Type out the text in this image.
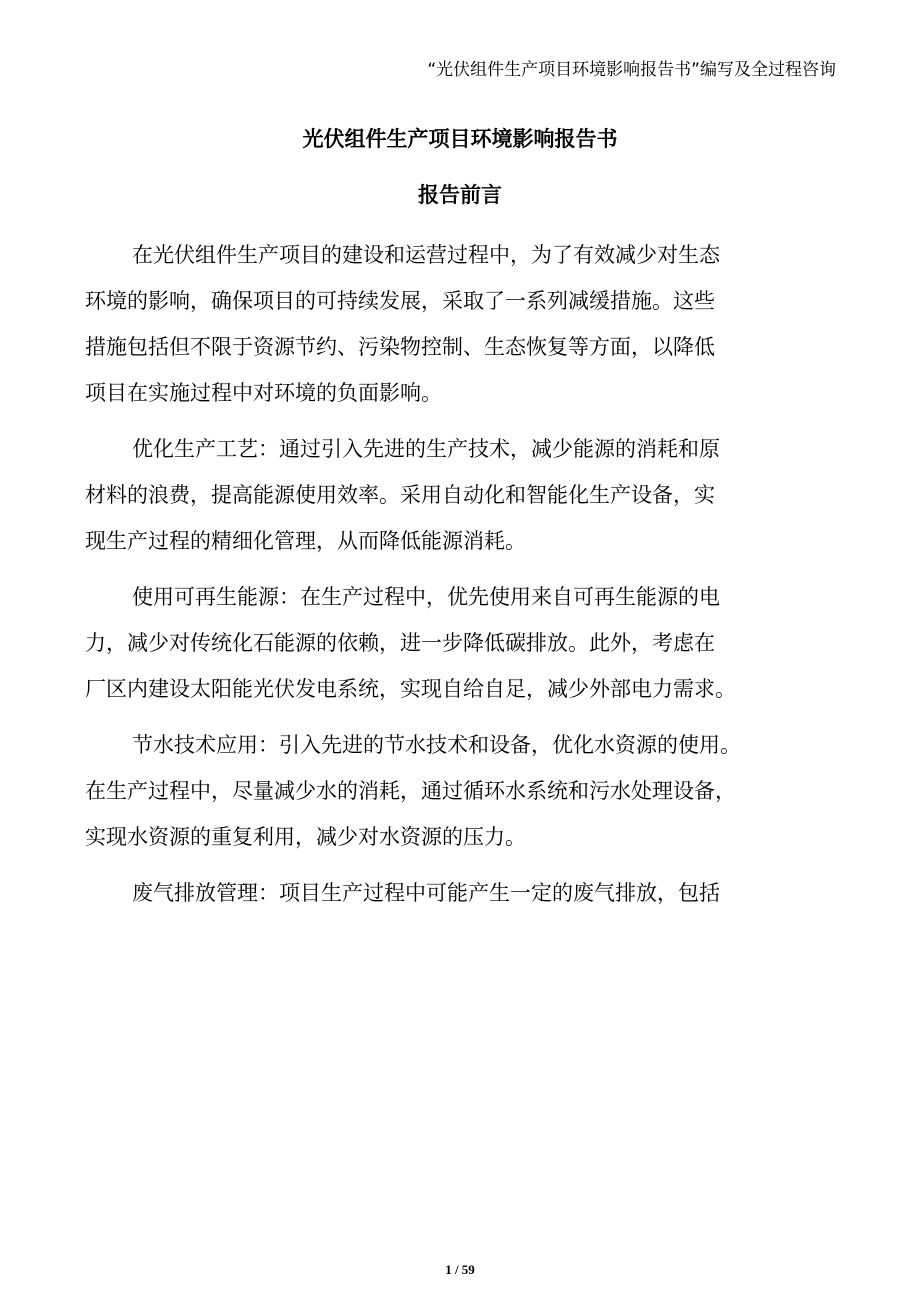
“光伏组件生产项目环境影响报告书”编写及全过程咨询
光伏组件生产项目环境影响报告书
报告前言

在光伏组件生产项目的建设和运营过程中，为了有效减少对生态
环境的影响，确保项目的可持续发展，采取了一系列减缓措施。这些
措施包括但不限于资源节约、污染物控制、生态恢复等方面，以降低
项目在实施过程中对环境的负面影响。

优化生产工艺：通过引入先进的生产技术，减少能源的消耗和原
材料的浪费，提高能源使用效率。采用自动化和智能化生产设备，实
现生产过程的精细化管理，从而降低能源消耗。

使用可再生能源：在生产过程中，优先使用来自可再生能源的电
力，减少对传统化石能源的依赖，进一步降低碳排放。此外，考虑在
厂区内建设太阳能光伏发电系统，实现自给自足，减少外部电力需求。

节水技术应用：引入先进的节水技术和设备，优化水资源的使用。
在生产过程中，尽量减少水的消耗，通过循环水系统和污水处理设备，
实现水资源的重复利用，减少对水资源的压力。

废气排放管理：项目生产过程中可能产生一定的废气排放，包括

1 / 59
